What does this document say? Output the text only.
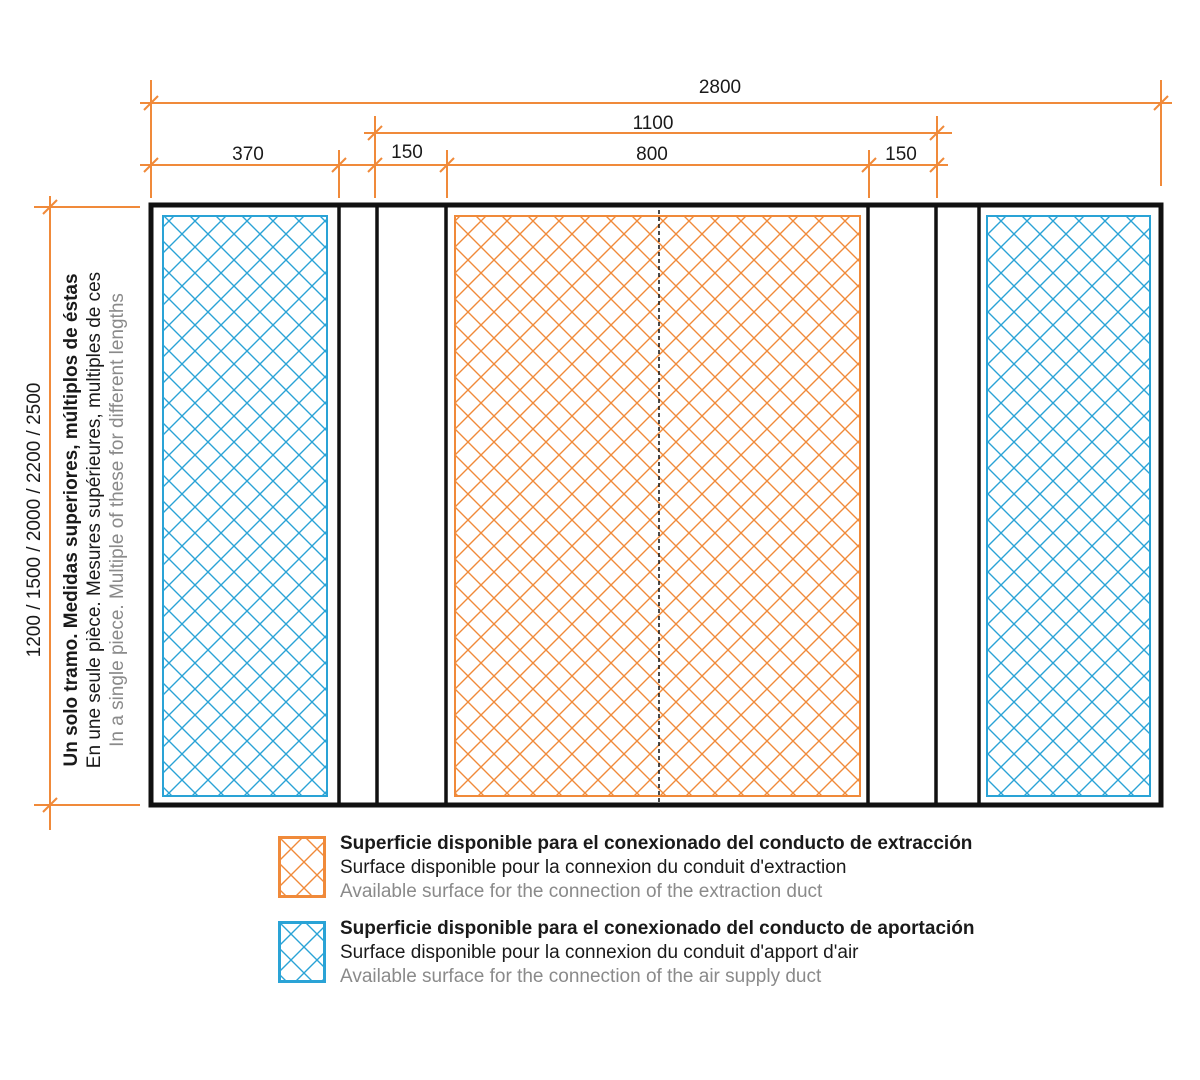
2800
1100
370	150	800	150
1200 / 1500 / 2000 / 2200 / 2500 Un solo tramo. Medidas superiores, múltiplos de éstas En une seule pièce. Mesures supérieures, multiples de ces In a single piece. Multiple of these for different lengths
Superficie disponible para el conexionado del conducto de extracción
Surface disponible pour la connexion du conduit d'extraction
Available surface for the connection of the extraction duct
Superficie disponible para el conexionado del conducto de aportación
Surface disponible pour la connexion du conduit d'apport d'air
Available surface for the connection of the air supply duct
